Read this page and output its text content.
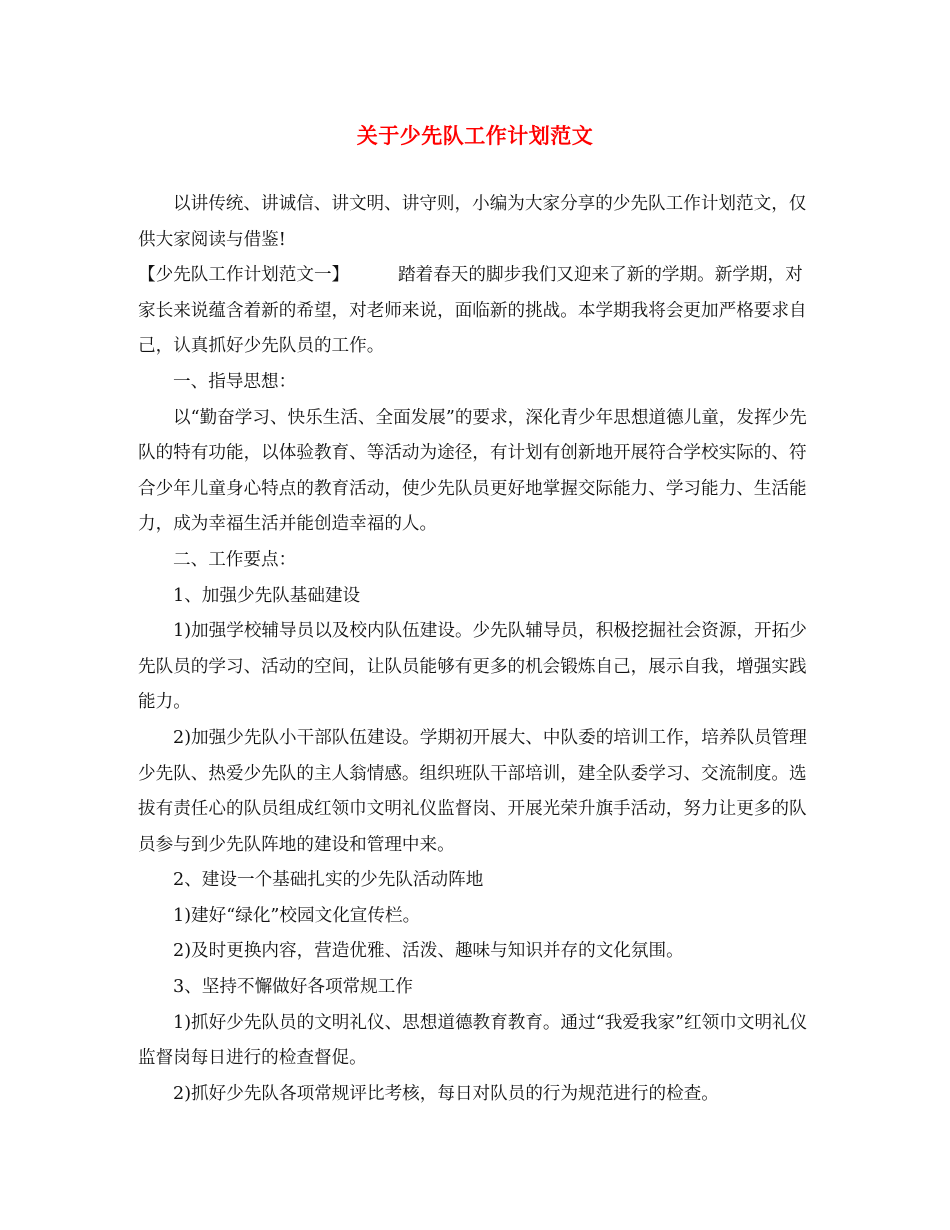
关于少先队工作计划范文

以讲传统、讲诚信、讲文明、讲守则，小编为大家分享的少先队工作计划范文，仅供大家阅读与借鉴!

【少先队工作计划范文一】	踏着春天的脚步我们又迎来了新的学期。新学期，对家长来说蕴含着新的希望，对老师来说，面临新的挑战。本学期我将会更加严格要求自己，认真抓好少先队员的工作。

一、指导思想：

以“勤奋学习、快乐生活、全面发展”的要求，深化青少年思想道德儿童，发挥少先队的特有功能，以体验教育、等活动为途径，有计划有创新地开展符合学校实际的、符合少年儿童身心特点的教育活动，使少先队员更好地掌握交际能力、学习能力、生活能力，成为幸福生活并能创造幸福的人。

二、工作要点：

1、加强少先队基础建设

1)加强学校辅导员以及校内队伍建设。少先队辅导员，积极挖掘社会资源，开拓少先队员的学习、活动的空间，让队员能够有更多的机会锻炼自己，展示自我，增强实践能力。

2)加强少先队小干部队伍建设。学期初开展大、中队委的培训工作，培养队员管理少先队、热爱少先队的主人翁情感。组织班队干部培训，建全队委学习、交流制度。选拔有责任心的队员组成红领巾文明礼仪监督岗、开展光荣升旗手活动，努力让更多的队员参与到少先队阵地的建设和管理中来。

2、建设一个基础扎实的少先队活动阵地

1)建好“绿化”校园文化宣传栏。

2)及时更换内容，营造优雅、活泼、趣味与知识并存的文化氛围。

3、坚持不懈做好各项常规工作

1)抓好少先队员的文明礼仪、思想道德教育教育。通过“我爱我家”红领巾文明礼仪监督岗每日进行的检查督促。

2)抓好少先队各项常规评比考核，每日对队员的行为规范进行的检查。
